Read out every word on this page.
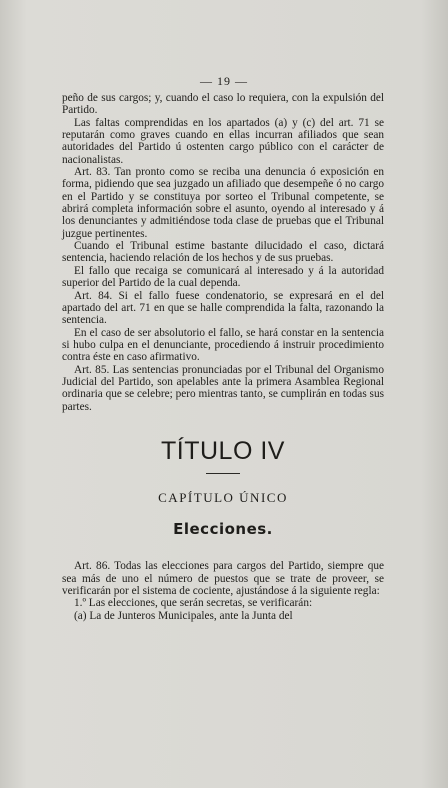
— 19 —

peño de sus cargos; y, cuando el caso lo requiera, con la expulsión del Partido.

Las faltas comprendidas en los apartados (a) y (c) del art. 71 se reputarán como graves cuando en ellas incurran afiliados que sean autoridades del Partido ú ostenten cargo público con el carácter de nacionalistas.

Art. 83. Tan pronto como se reciba una denuncia ó exposición en forma, pidiendo que sea juzgado un afiliado que desempeñe ó no cargo en el Partido y se constituya por sorteo el Tribunal competente, se abrirá completa información sobre el asunto, oyendo al interesado y á los denunciantes y admitiéndose toda clase de pruebas que el Tribunal juzgue pertinentes.

Cuando el Tribunal estime bastante dilucidado el caso, dictará sentencia, haciendo relación de los hechos y de sus pruebas.

El fallo que recaiga se comunicará al interesado y á la autoridad superior del Partido de la cual dependa.

Art. 84. Si el fallo fuese condenatorio, se expresará en el del apartado del art. 71 en que se halle comprendida la falta, razonando la sentencia.

En el caso de ser absolutorio el fallo, se hará constar en la sentencia si hubo culpa en el denunciante, procediendo á instruir procedimiento contra éste en caso afirmativo.

Art. 85. Las sentencias pronunciadas por el Tribunal del Organismo Judicial del Partido, son apelables ante la primera Asamblea Regional ordinaria que se celebre; pero mientras tanto, se cumplirán en todas sus partes.

TÍTULO IV
CAPÍTULO ÚNICO
Elecciones.

Art. 86. Todas las elecciones para cargos del Partido, siempre que sea más de uno el número de puestos que se trate de proveer, se verificarán por el sistema de cociente, ajustándose á la siguiente regla:

1.º Las elecciones, que serán secretas, se verificarán:

(a) La de Junteros Municipales, ante la Junta del
